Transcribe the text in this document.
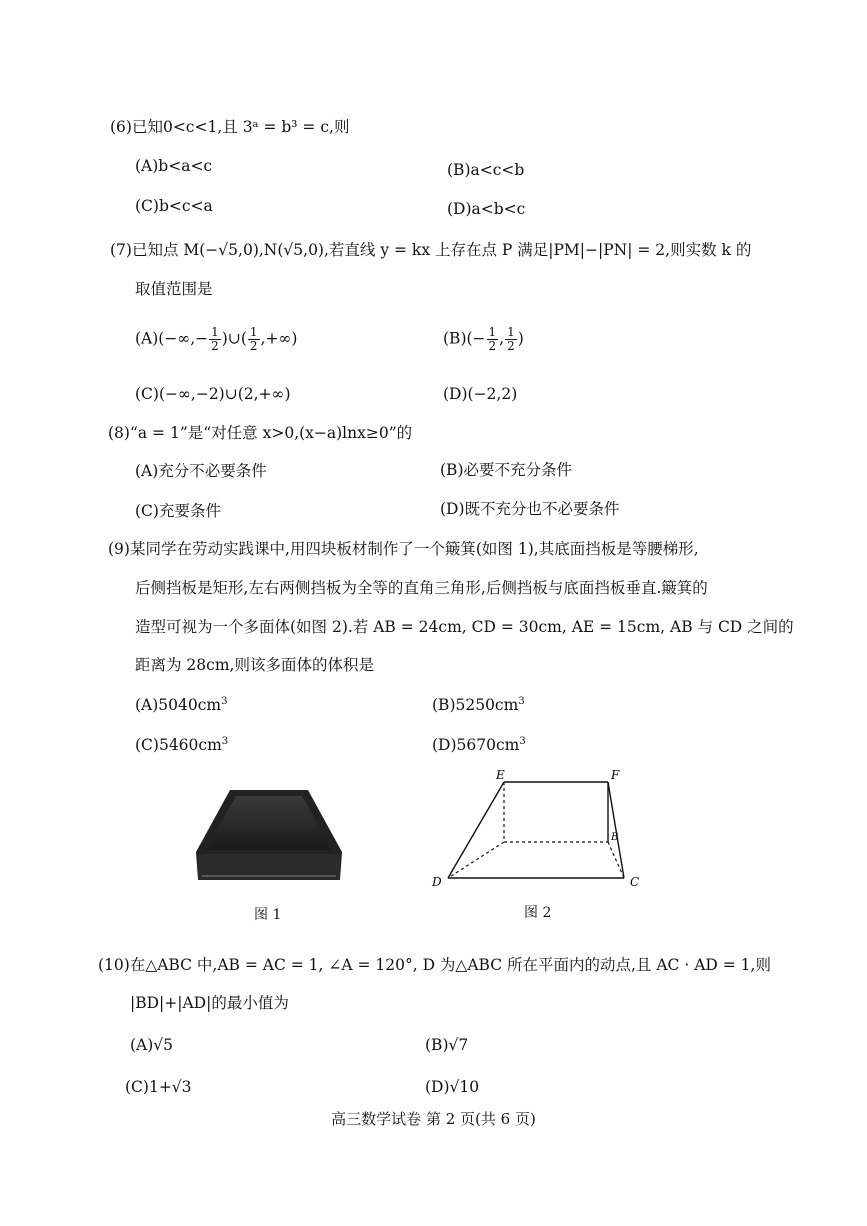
(6)已知0<c<1,且 3ᵃ = b³ = c,则
(A)b<a<c	(B)a<c<b
(C)b<c<a	(D)a<b<c
(7)已知点 M(−√5,0),N(√5,0),若直线 y = kx 上存在点 P 满足|PM|−|PN| = 2,则实数 k 的
取值范围是
$(A)(-\infty,- \frac{1}{2}$ )∪( $\frac{1}{2}$ ,+∞)	$(B)(- \frac{1}{2}$ , $\frac{1}{2}$ )
(C)(−∞,−2)∪(2,+∞)	(D)(−2,2)
(8)“a = 1”是“对任意 x>0,(x−a)lnx≥0”的
(A)充分不必要条件	(B)必要不充分条件
(C)充要条件	(D)既不充分也不必要条件
(9)某同学在劳动实践课中,用四块板材制作了一个簸箕(如图 1),其底面挡板是等腰梯形,
后侧挡板是矩形,左右两侧挡板为全等的直角三角形,后侧挡板与底面挡板垂直.簸箕的
造型可视为一个多面体(如图 2).若 AB = 24cm, CD = 30cm, AE = 15cm, AB 与 CD 之间的
距离为 28cm,则该多面体的体积是
$(A)5040cm^3$	$(B)5250cm^3$
$(C)5460cm^3$	$(D)5670cm^3$
图 1
E	F
B
D	C
图 2
(10)在△ABC 中,AB = AC = 1, ∠A = 120°, D 为△ABC 所在平面内的动点,且 AC · AD = 1,则
|BD|+|AD|的最小值为
(A)√5	(B)√7
(C)1+√3	(D)√10
高三数学试卷 第 2 页(共 6 页)
